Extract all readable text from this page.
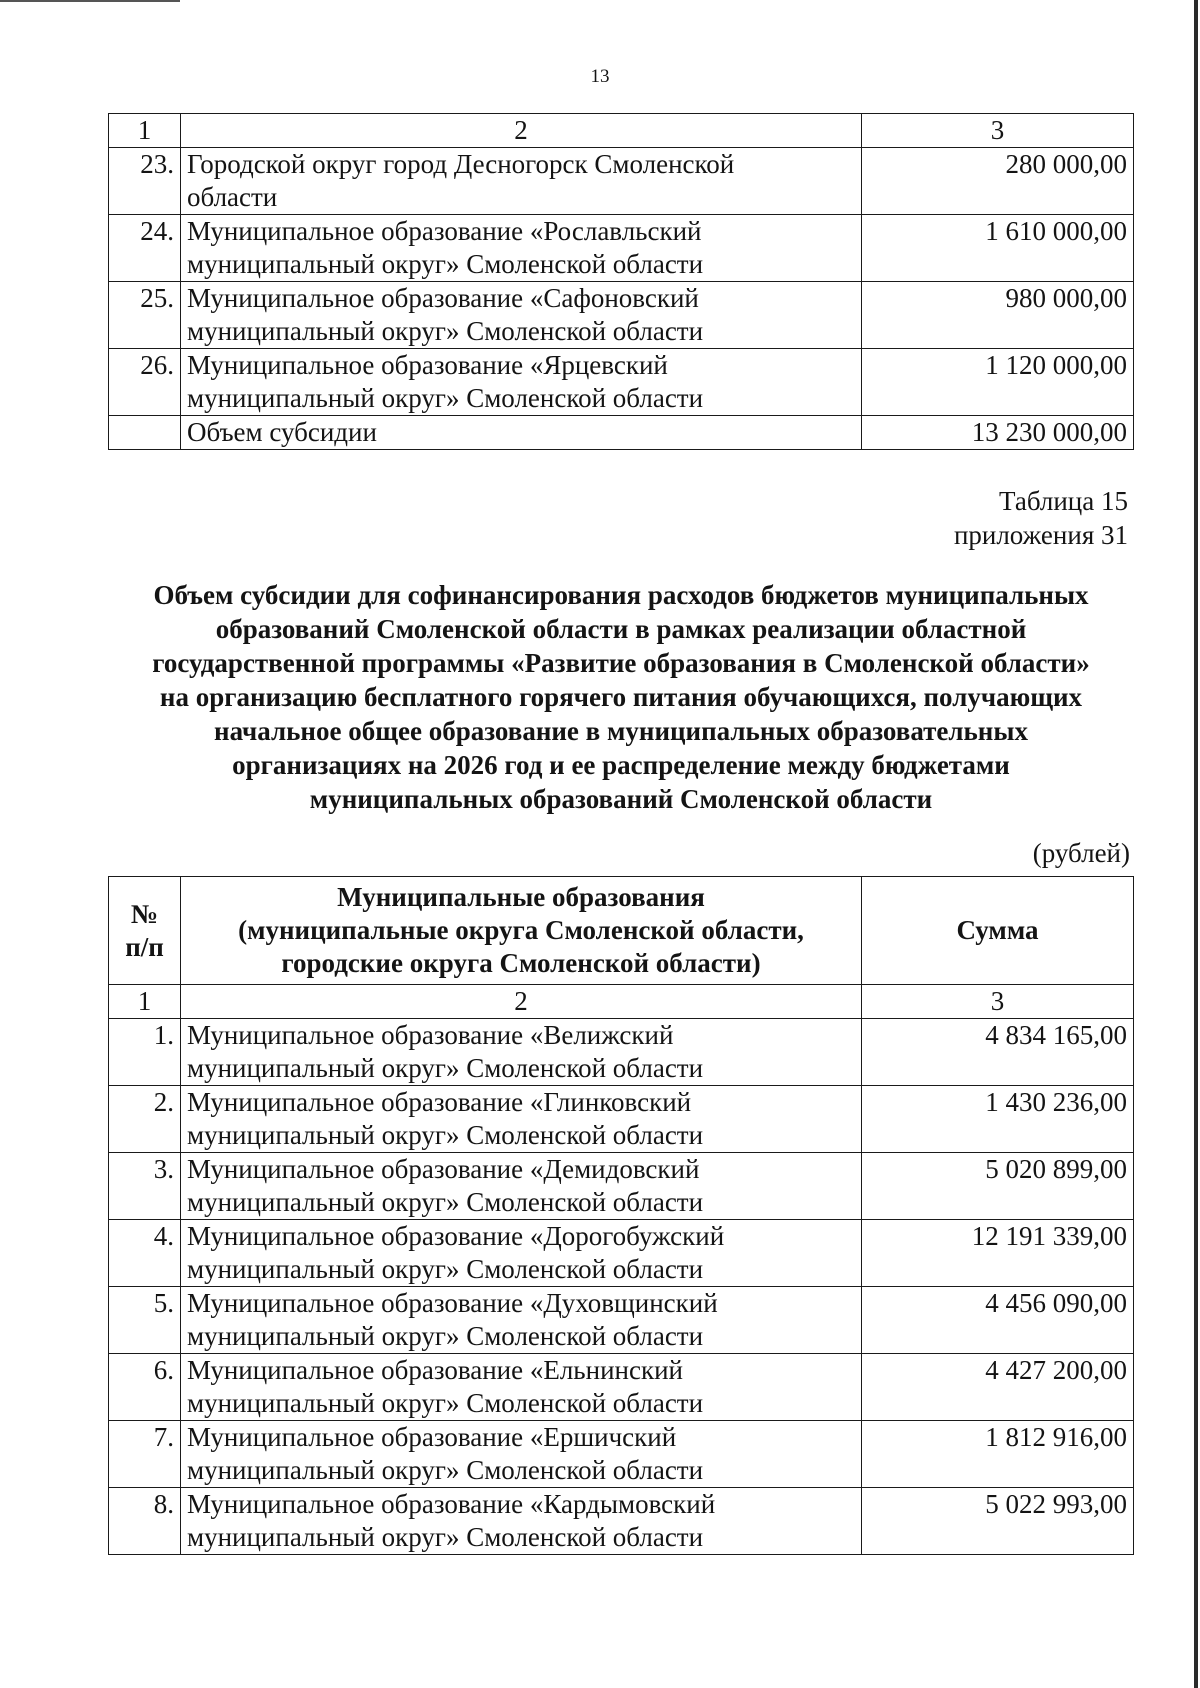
13
1	2	3
23.	Городской округ город Десногорск Смоленской
области	280 000,00
24.	Муниципальное образование «Рославльский
муниципальный округ» Смоленской области	1 610 000,00
25.	Муниципальное образование «Сафоновский
муниципальный округ» Смоленской области	980 000,00
26.	Муниципальное образование «Ярцевский
муниципальный округ» Смоленской области	1 120 000,00
	Объем субсидии	13 230 000,00
Таблица 15
приложения 31
Объем субсидии для софинансирования расходов бюджетов муниципальных
образований Смоленской области в рамках реализации областной
государственной программы «Развитие образования в Смоленской области»
на организацию бесплатного горячего питания обучающихся, получающих
начальное общее образование в муниципальных образовательных
организациях на 2026 год и ее распределение между бюджетами
муниципальных образований Смоленской области
(рублей)
№
п/п	Муниципальные образования
(муниципальные округа Смоленской области,
городские округа Смоленской области)	Сумма
1	2	3
1.	Муниципальное образование «Велижский
муниципальный округ» Смоленской области	4 834 165,00
2.	Муниципальное образование «Глинковский
муниципальный округ» Смоленской области	1 430 236,00
3.	Муниципальное образование «Демидовский
муниципальный округ» Смоленской области	5 020 899,00
4.	Муниципальное образование «Дорогобужский
муниципальный округ» Смоленской области	12 191 339,00
5.	Муниципальное образование «Духовщинский
муниципальный округ» Смоленской области	4 456 090,00
6.	Муниципальное образование «Ельнинский
муниципальный округ» Смоленской области	4 427 200,00
7.	Муниципальное образование «Ершичский
муниципальный округ» Смоленской области	1 812 916,00
8.	Муниципальное образование «Кардымовский
муниципальный округ» Смоленской области	5 022 993,00
